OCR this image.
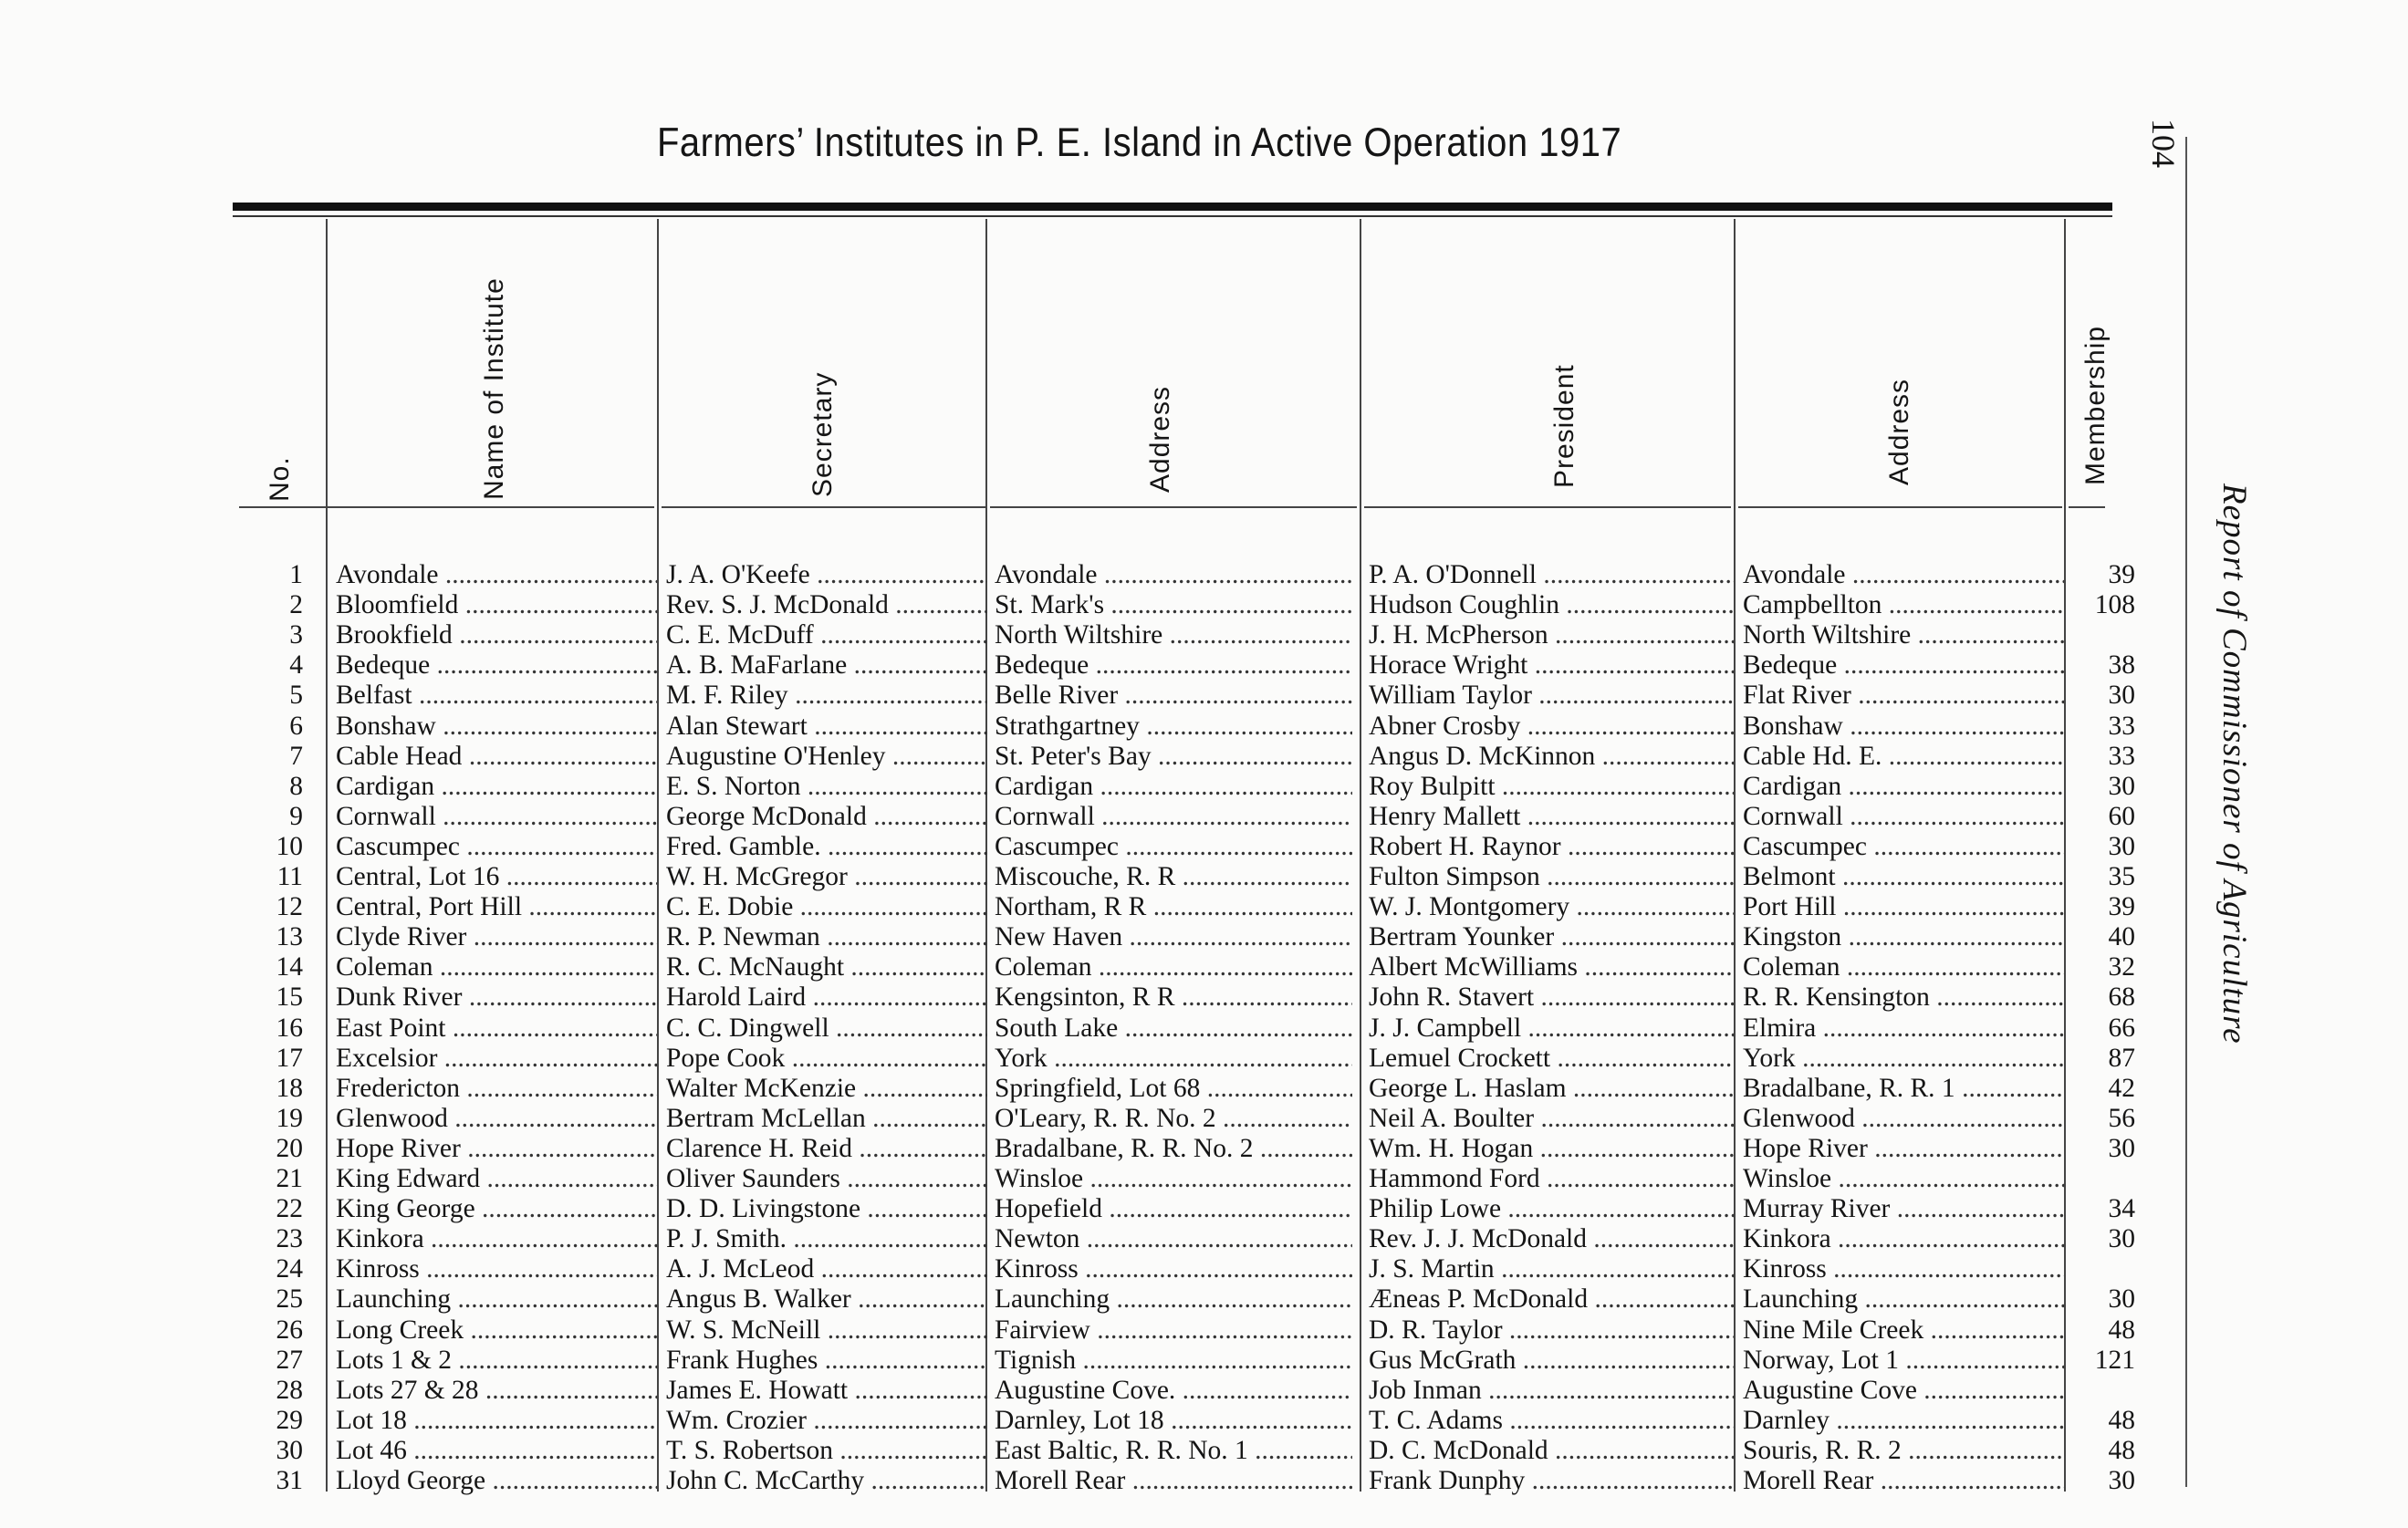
Farmers’ Institutes in P. E. Island in Active Operation 1917
No.	Name of Institute	Secretary	Address	President	Address	Membership
104
Report of Commissioner of Agriculture
1 Avondale .....	J. A. O'Keefe .....	Avondale .....	P. A. O'Donnell .....	Avondale .....	39
2 Bloomfield .....	Rev. S. J. McDonald .....	St. Mark's .....	Hudson Coughlin .....	Campbellton .....	108
3 Brookfield .....	C. E. McDuff .....	North Wiltshire .....	J. H. McPherson .....	North Wiltshire .....
4 Bedeque .....	A. B. MaFarlane .....	Bedeque .....	Horace Wright .....	Bedeque .....	38
5 Belfast .....	M. F. Riley .....	Belle River .....	William Taylor .....	Flat River .....	30
6 Bonshaw .....	Alan Stewart .....	Strathgartney .....	Abner Crosby .....	Bonshaw .....	33
7 Cable Head .....	Augustine O'Henley .....	St. Peter's Bay .....	Angus D. McKinnon .....	Cable Hd. E. .....	33
8 Cardigan .....	E. S. Norton .....	Cardigan .....	Roy Bulpitt .....	Cardigan .....	30
9 Cornwall .....	George McDonald .....	Cornwall .....	Henry Mallett .....	Cornwall .....	60
10 Cascumpec .....	Fred. Gamble. .....	Cascumpec .....	Robert H. Raynor .....	Cascumpec .....	30
11 Central, Lot 16 .....	W. H. McGregor .....	Miscouche, R. R .....	Fulton Simpson .....	Belmont .....	35
12 Central, Port Hill .....	C. E. Dobie .....	Northam, R R .....	W. J. Montgomery .....	Port Hill .....	39
13 Clyde River .....	R. P. Newman .....	New Haven .....	Bertram Younker .....	Kingston .....	40
14 Coleman .....	R. C. McNaught .....	Coleman .....	Albert McWilliams .....	Coleman .....	32
15 Dunk River .....	Harold Laird .....	Kengsinton, R R .....	John R. Stavert .....	R. R. Kensington .....	68
16 East Point .....	C. C. Dingwell .....	South Lake .....	J. J. Campbell .....	Elmira .....	66
17 Excelsior .....	Pope Cook .....	York .....	Lemuel Crockett .....	York .....	87
18 Fredericton .....	Walter McKenzie .....	Springfield, Lot 68 .....	George L. Haslam .....	Bradalbane, R. R. 1 .....	42
19 Glenwood .....	Bertram McLellan .....	O'Leary, R. R. No. 2 .....	Neil A. Boulter .....	Glenwood .....	56
20 Hope River .....	Clarence H. Reid .....	Bradalbane, R. R. No. 2 .....	Wm. H. Hogan .....	Hope River .....	30
21 King Edward .....	Oliver Saunders .....	Winsloe .....	Hammond Ford .....	Winsloe .....
22 King George .....	D. D. Livingstone .....	Hopefield .....	Philip Lowe .....	Murray River .....	34
23 Kinkora .....	P. J. Smith. .....	Newton .....	Rev. J. J. McDonald .....	Kinkora .....	30
24 Kinross .....	A. J. McLeod .....	Kinross .....	J. S. Martin .....	Kinross .....
25 Launching .....	Angus B. Walker .....	Launching .....	Æneas P. McDonald .....	Launching .....	30
26 Long Creek .....	W. S. McNeill .....	Fairview .....	D. R. Taylor .....	Nine Mile Creek .....	48
27 Lots 1 & 2 .....	Frank Hughes .....	Tignish .....	Gus McGrath .....	Norway, Lot 1 .....	121
28 Lots 27 & 28 .....	James E. Howatt .....	Augustine Cove. .....	Job Inman .....	Augustine Cove .....
29 Lot 18 .....	Wm. Crozier .....	Darnley, Lot 18 .....	T. C. Adams .....	Darnley .....	48
30 Lot 46 .....	T. S. Robertson .....	East Baltic, R. R. No. 1 .....	D. C. McDonald .....	Souris, R. R. 2 .....	48
31 Lloyd George .....	John C. McCarthy .....	Morell Rear .....	Frank Dunphy .....	Morell Rear .....	30
